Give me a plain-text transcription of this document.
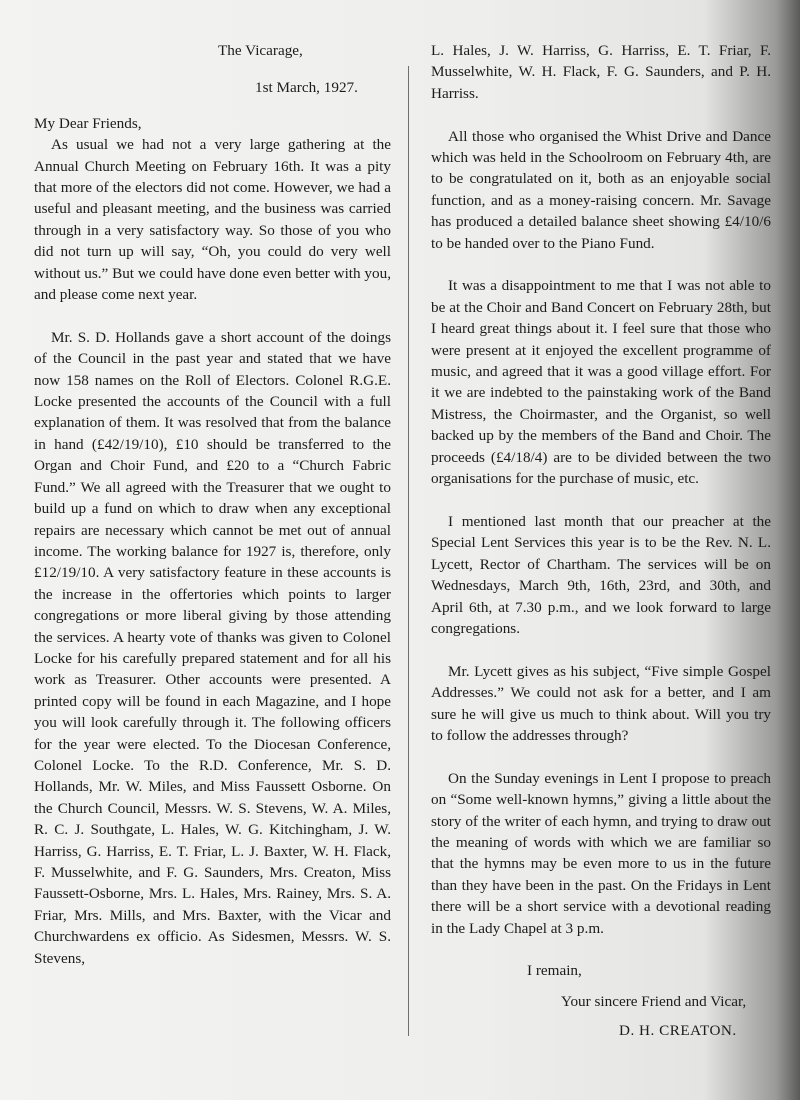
The Vicarage,

1st March, 1927.

My Dear Friends,

As usual we had not a very large gathering at the Annual Church Meeting on February 16th. It was a pity that more of the electors did not come. However, we had a useful and pleasant meeting, and the business was carried through in a very satisfactory way. So those of you who did not turn up will say, “Oh, you could do very well without us.” But we could have done even better with you, and please come next year.

Mr. S. D. Hollands gave a short account of the doings of the Council in the past year and stated that we have now 158 names on the Roll of Electors. Colonel R.G.E. Locke presented the accounts of the Council with a full explanation of them. It was resolved that from the balance in hand (£42/19/10), £10 should be transferred to the Organ and Choir Fund, and £20 to a “Church Fabric Fund.” We all agreed with the Treasurer that we ought to build up a fund on which to draw when any exceptional repairs are necessary which cannot be met out of annual income. The working balance for 1927 is, therefore, only £12/19/10. A very satisfactory feature in these accounts is the increase in the offertories which points to larger congregations or more liberal giving by those attending the services. A hearty vote of thanks was given to Colonel Locke for his carefully prepared statement and for all his work as Treasurer. Other accounts were presented. A printed copy will be found in each Magazine, and I hope you will look carefully through it. The following officers for the year were elected. To the Diocesan Conference, Colonel Locke. To the R.D. Conference, Mr. S. D. Hollands, Mr. W. Miles, and Miss Faussett Osborne. On the Church Council, Messrs. W. S. Stevens, W. A. Miles, R. C. J. Southgate, L. Hales, W. G. Kitchingham, J. W. Harriss, G. Harriss, E. T. Friar, L. J. Baxter, W. H. Flack, F. Musselwhite, and F. G. Saunders, Mrs. Creaton, Miss Faussett-Osborne, Mrs. L. Hales, Mrs. Rainey, Mrs. S. A. Friar, Mrs. Mills, and Mrs. Baxter, with the Vicar and Churchwardens ex officio. As Sidesmen, Messrs. W. S. Stevens,

L. Hales, J. W. Harriss, G. Harriss, E. T. Friar, F. Musselwhite, W. H. Flack, F. G. Saunders, and P. H. Harriss.

All those who organised the Whist Drive and Dance which was held in the Schoolroom on February 4th, are to be congratulated on it, both as an enjoyable social function, and as a money-raising concern. Mr. Savage has produced a detailed balance sheet showing £4/10/6 to be handed over to the Piano Fund.

It was a disappointment to me that I was not able to be at the Choir and Band Concert on February 28th, but I heard great things about it. I feel sure that those who were present at it enjoyed the excellent programme of music, and agreed that it was a good village effort. For it we are indebted to the painstaking work of the Band Mistress, the Choirmaster, and the Organist, so well backed up by the members of the Band and Choir. The proceeds (£4/18/4) are to be divided between the two organisations for the purchase of music, etc.

I mentioned last month that our preacher at the Special Lent Services this year is to be the Rev. N. L. Lycett, Rector of Chartham. The services will be on Wednesdays, March 9th, 16th, 23rd, and 30th, and April 6th, at 7.30 p.m., and we look forward to large congregations.

Mr. Lycett gives as his subject, “Five simple Gospel Addresses.” We could not ask for a better, and I am sure he will give us much to think about. Will you try to follow the addresses through?

On the Sunday evenings in Lent I propose to preach on “Some well-known hymns,” giving a little about the story of the writer of each hymn, and trying to draw out the meaning of words with which we are familiar so that the hymns may be even more to us in the future than they have been in the past. On the Fridays in Lent there will be a short service with a devotional reading in the Lady Chapel at 3 p.m.

I remain,

Your sincere Friend and Vicar,

D. H. CREATON.
